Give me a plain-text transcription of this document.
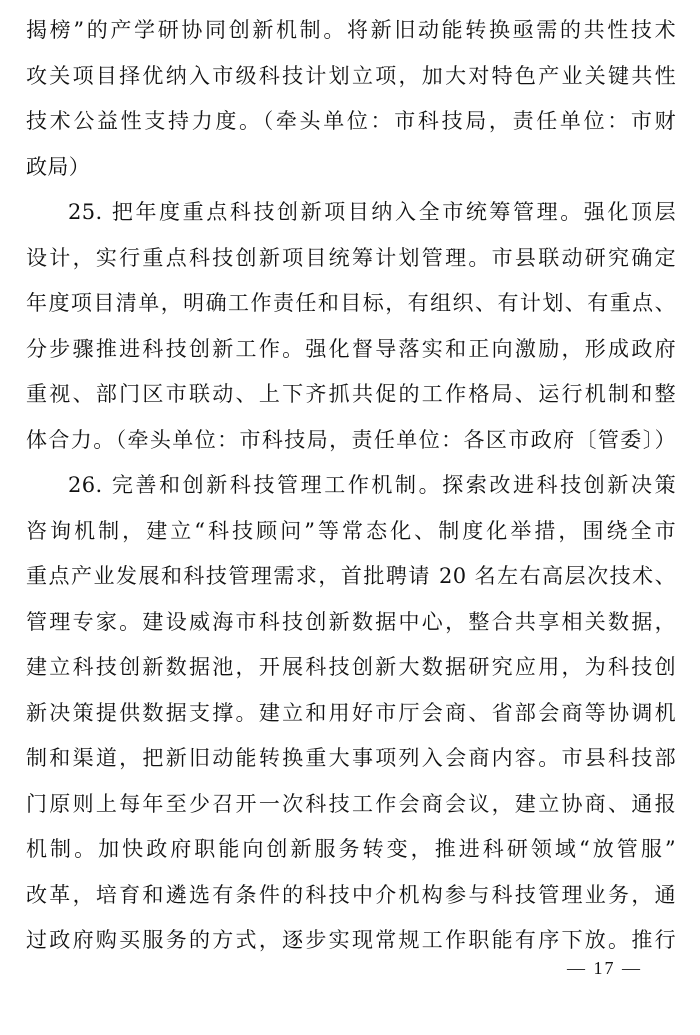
揭榜”的产学研协同创新机制。将新旧动能转换亟需的共性技术
攻关项目择优纳入市级科技计划立项，加大对特色产业关键共性
技术公益性支持力度。（牵头单位：市科技局，责任单位：市财
政局）
25. 把年度重点科技创新项目纳入全市统筹管理。强化顶层
设计，实行重点科技创新项目统筹计划管理。市县联动研究确定
年度项目清单，明确工作责任和目标，有组织、有计划、有重点、
分步骤推进科技创新工作。强化督导落实和正向激励，形成政府
重视、部门区市联动、上下齐抓共促的工作格局、运行机制和整
体合力。（牵头单位：市科技局，责任单位：各区市政府〔管委〕）
26. 完善和创新科技管理工作机制。探索改进科技创新决策
咨询机制，建立“科技顾问”等常态化、制度化举措，围绕全市
重点产业发展和科技管理需求，首批聘请 20 名左右高层次技术、
管理专家。建设威海市科技创新数据中心，整合共享相关数据，
建立科技创新数据池，开展科技创新大数据研究应用，为科技创
新决策提供数据支撑。建立和用好市厅会商、省部会商等协调机
制和渠道，把新旧动能转换重大事项列入会商内容。市县科技部
门原则上每年至少召开一次科技工作会商会议，建立协商、通报
机制。加快政府职能向创新服务转变，推进科研领域“放管服”
改革，培育和遴选有条件的科技中介机构参与科技管理业务，通
过政府购买服务的方式，逐步实现常规工作职能有序下放。推行
— 17 —
